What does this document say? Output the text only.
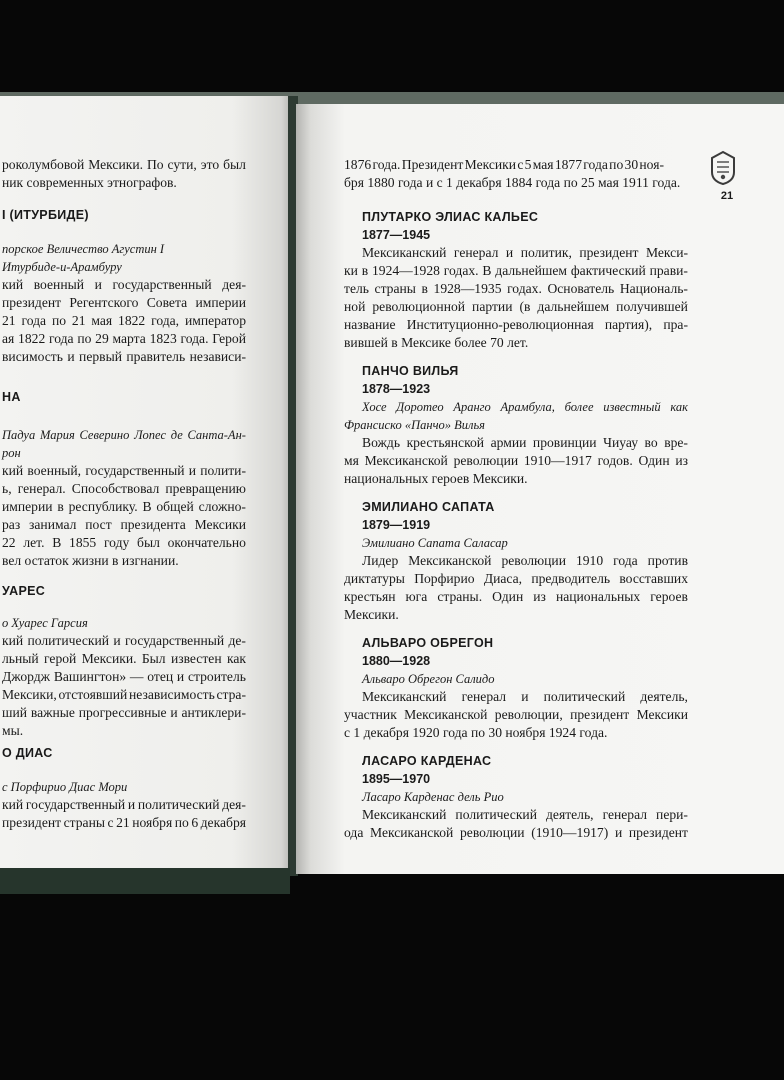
21
1876 года. Президент Мексики с 5 мая 1877 года по 30 ноя-
бря 1880 года и с 1 декабря 1884 года по 25 мая 1911 года.
ПЛУТАРКО ЭЛИАС КАЛЬЕС
1877—1945
Мексиканский генерал и политик, президент Мекси-
ки в 1924—1928 годах. В дальнейшем фактический прави-
тель страны в 1928—1935 годах. Основатель Националь-
ной революционной партии (в дальнейшем получившей
название Институционно-революционная партия), пра-
вившей в Мексике более 70 лет.
ПАНЧО ВИЛЬЯ
1878—1923
Хосе Доротео Аранго Арамбула, более известный как
Франсиско «Панчо» Вилья
Вождь крестьянской армии провинции Чиуау во вре-
мя Мексиканской революции 1910—1917 годов. Один из
национальных героев Мексики.
ЭМИЛИАНО САПАТА
1879—1919
Эмилиано Сапата Саласар
Лидер Мексиканской революции 1910 года против
диктатуры Порфирио Диаса, предводитель восставших
крестьян юга страны. Один из национальных героев
Мексики.
АЛЬВАРО ОБРЕГОН
1880—1928
Альваро Обрегон Салидо
Мексиканский генерал и политический деятель,
участник Мексиканской революции, президент Мексики
с 1 декабря 1920 года по 30 ноября 1924 года.
ЛАСАРО КАРДЕНАС
1895—1970
Ласаро Карденас дель Рио
Мексиканский политический деятель, генерал пери-
ода Мексиканской революции (1910—1917) и президент
роколумбовой Мексики. По сути, это был
ник современных этнографов.
I (ИТУРБИДЕ)
порское Величество Агустин I
Итурбиде-и-Арамбуру
кий военный и государственный дея-
президент Регентского Совета империи
21 года по 21 мая 1822 года, император
ая 1822 года по 29 марта 1823 года. Герой
висимость и первый правитель независи-
НА
Падуа Мария Северино Лопес де Санта-Ан-
рон
кий военный, государственный и полити-
ь, генерал. Способствовал превращению
империи в республику. В общей сложно-
раз занимал пост президента Мексики
22 лет. В 1855 году был окончательно
вел остаток жизни в изгнании.
УАРЕС
о Хуарес Гарсия
кий политический и государственный де-
льный герой Мексики. Был известен как
Джордж Вашингтон» — отец и строитель
Мексики, отстоявший независимость стра-
ший важные прогрессивные и антиклери-
мы.
О ДИАС
с Порфирио Диас Мори
кий государственный и политический дея-
президент страны с 21 ноября по 6 декабря
